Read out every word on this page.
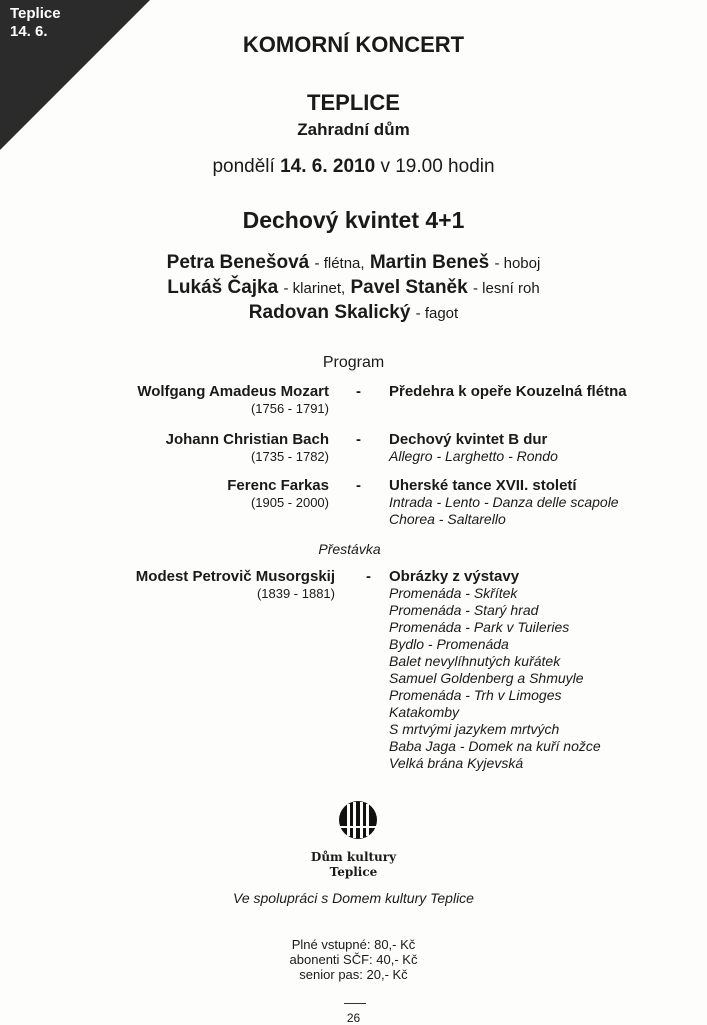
Teplice
14. 6.
KOMORNÍ KONCERT
TEPLICE
Zahradní dům
pondělí 14. 6. 2010 v 19.00 hodin
Dechový kvintet 4+1
Petra Benešová - flétna, Martin Beneš - hoboj
Lukáš Čajka - klarinet, Pavel Staněk - lesní roh
Radovan Skalický - fagot
Program
Wolfgang Amadeus Mozart
(1756 - 1791)
- Předehra k opeře Kouzelná flétna
Johann Christian Bach
(1735 - 1782)
- Dechový kvintet B dur
Allegro - Larghetto - Rondo
Ferenc Farkas
(1905 - 2000)
- Uherské tance XVII. století
Intrada - Lento - Danza delle scapole
Chorea - Saltarello
Přestávka
Modest Petrovič Musorgskij
(1839 - 1881)
- Obrázky z výstavy
Promenáda - Skřítek
Promenáda - Starý hrad
Promenáda - Park v Tuileries
Bydlo - Promenáda
Balet nevylíhnutých kuřátek
Samuel Goldenberg a Shmuyle
Promenáda - Trh v Limoges
Katakomby
S mrtvými jazykem mrtvých
Baba Jaga - Domek na kuří nožce
Velká brána Kyjevská
Dům kultury
Teplice
Ve spolupráci s Domem kultury Teplice
Plné vstupné: 80,- Kč
abonenti SČF: 40,- Kč
senior pas: 20,- Kč
26
